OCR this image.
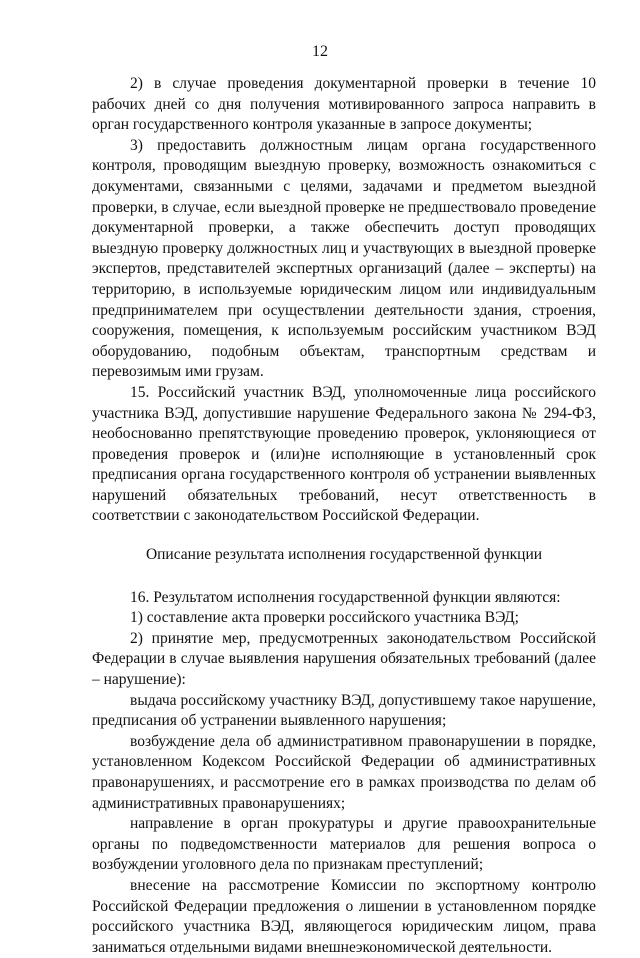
12

2) в случае проведения документарной проверки в течение 10 рабочих дней со дня получения мотивированного запроса направить в орган государственного контроля указанные в запросе документы;

3) предоставить должностным лицам органа государственного контроля, проводящим выездную проверку, возможность ознакомиться с документами, связанными с целями, задачами и предметом выездной проверки, в случае, если выездной проверке не предшествовало проведение документарной проверки, а также обеспечить доступ проводящих выездную проверку должностных лиц и участвующих в выездной проверке экспертов, представителей экспертных организаций (далее – эксперты) на территорию, в используемые юридическим лицом или индивидуальным предпринимателем при осуществлении деятельности здания, строения, сооружения, помещения, к используемым российским участником ВЭД оборудованию, подобным объектам, транспортным средствам и перевозимым ими грузам.

15. Российский участник ВЭД, уполномоченные лица российского участника ВЭД, допустившие нарушение Федерального закона № 294-ФЗ, необоснованно препятствующие проведению проверок, уклоняющиеся от проведения проверок и (или)не исполняющие в установленный срок предписания органа государственного контроля об устранении выявленных нарушений обязательных требований, несут ответственность в соответствии с законодательством Российской Федерации.

Описание результата исполнения государственной функции

16. Результатом исполнения государственной функции являются:

1) составление акта проверки российского участника ВЭД;

2) принятие мер, предусмотренных законодательством Российской Федерации в случае выявления нарушения обязательных требований (далее – нарушение):

выдача российскому участнику ВЭД, допустившему такое нарушение, предписания об устранении выявленного нарушения;

возбуждение дела об административном правонарушении в порядке, установленном Кодексом Российской Федерации об административных правонарушениях, и рассмотрение его в рамках производства по делам об административных правонарушениях;

направление в орган прокуратуры и другие правоохранительные органы по подведомственности материалов для решения вопроса о возбуждении уголовного дела по признакам преступлений;

внесение на рассмотрение Комиссии по экспортному контролю Российской Федерации предложения о лишении в установленном порядке российского участника ВЭД, являющегося юридическим лицом, права заниматься отдельными видами внешнеэкономической деятельности.
